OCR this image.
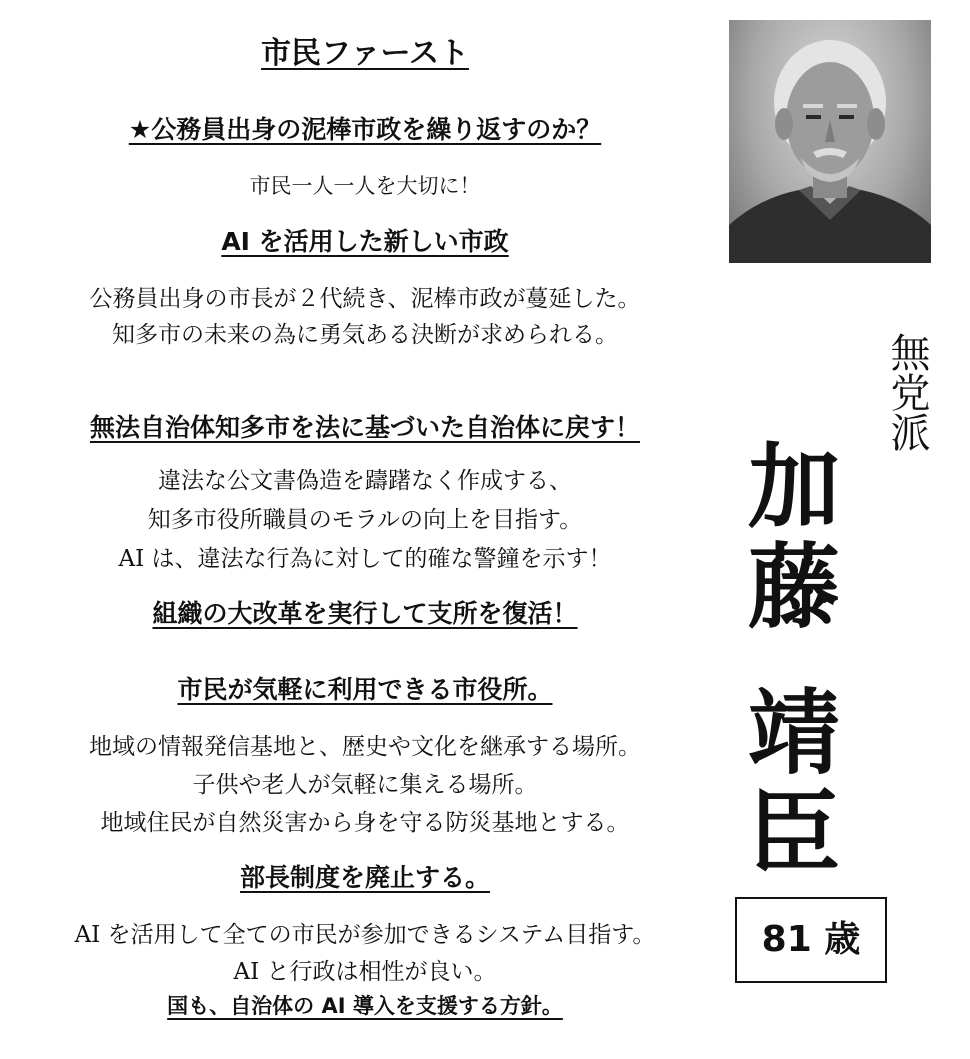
市民ファースト
★公務員出身の泥棒市政を繰り返すのか？
市民一人一人を大切に！
AI を活用した新しい市政
公務員出身の市長が２代続き、泥棒市政が蔓延した。
知多市の未来の為に勇気ある決断が求められる。
無法自治体知多市を法に基づいた自治体に戻す！
違法な公文書偽造を躊躇なく作成する、
知多市役所職員のモラルの向上を目指す。
AI は、違法な行為に対して的確な警鐘を示す！
組織の大改革を実行して支所を復活！
市民が気軽に利用できる市役所。
地域の情報発信基地と、歴史や文化を継承する場所。
子供や老人が気軽に集える場所。
地域住民が自然災害から身を守る防災基地とする。
部長制度を廃止する。
AI を活用して全ての市民が参加できるシステム目指す。
AI と行政は相性が良い。
国も、自治体の AI 導入を支援する方針。
無党派
加
藤
靖
臣
81 歳
